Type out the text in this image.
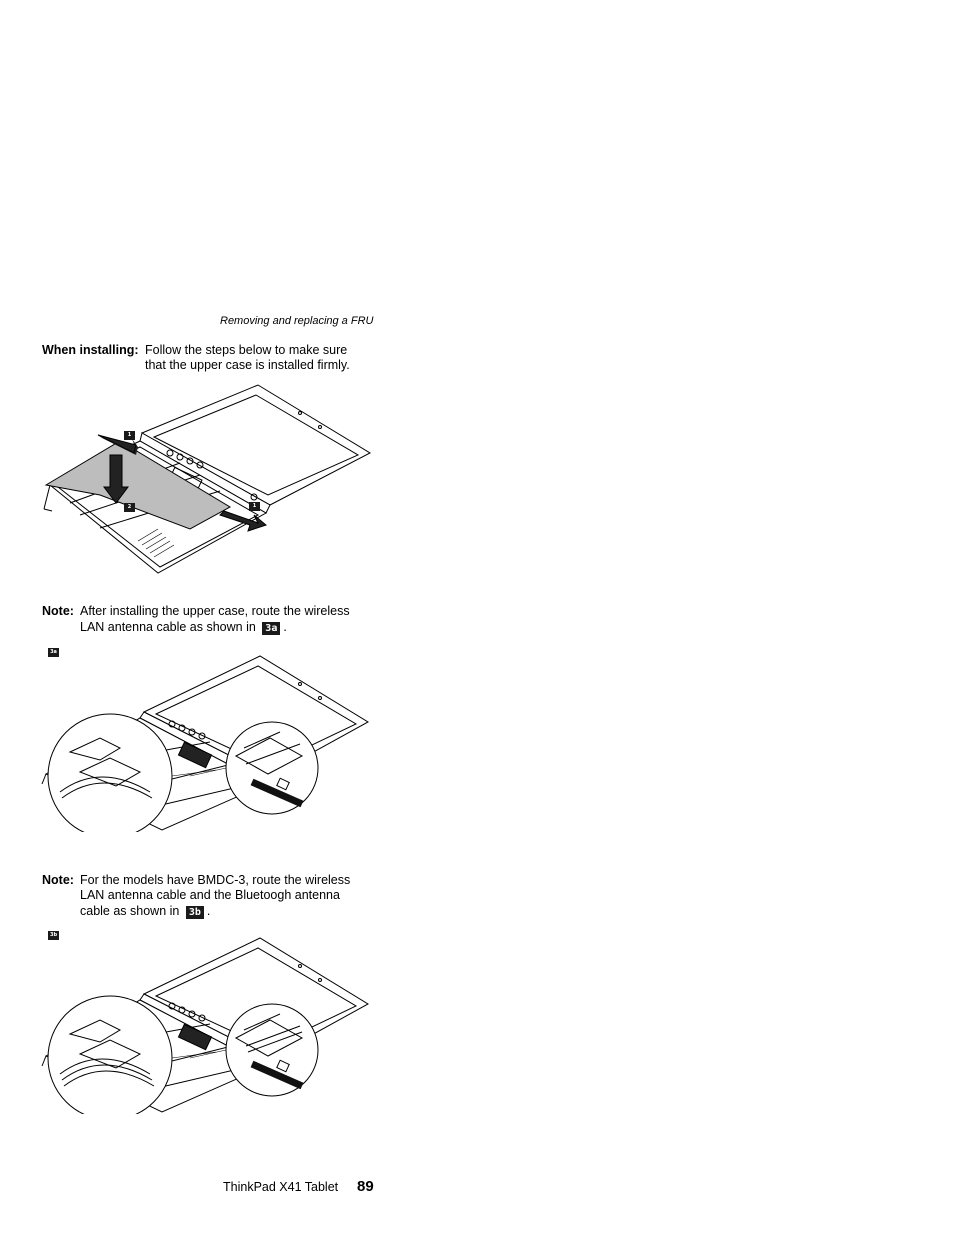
Removing and replacing a FRU
When installing: Follow the steps below to make sure
that the upper case is installed firmly.
1
2	1
Note: After installing the upper case, route the wireless
LAN antenna cable as shown in 3a .
3a
Note: For the models have BMDC-3, route the wireless
LAN antenna cable and the Bluetoogh antenna
cable as shown in 3b .
3b
ThinkPad X41 Tablet 89
